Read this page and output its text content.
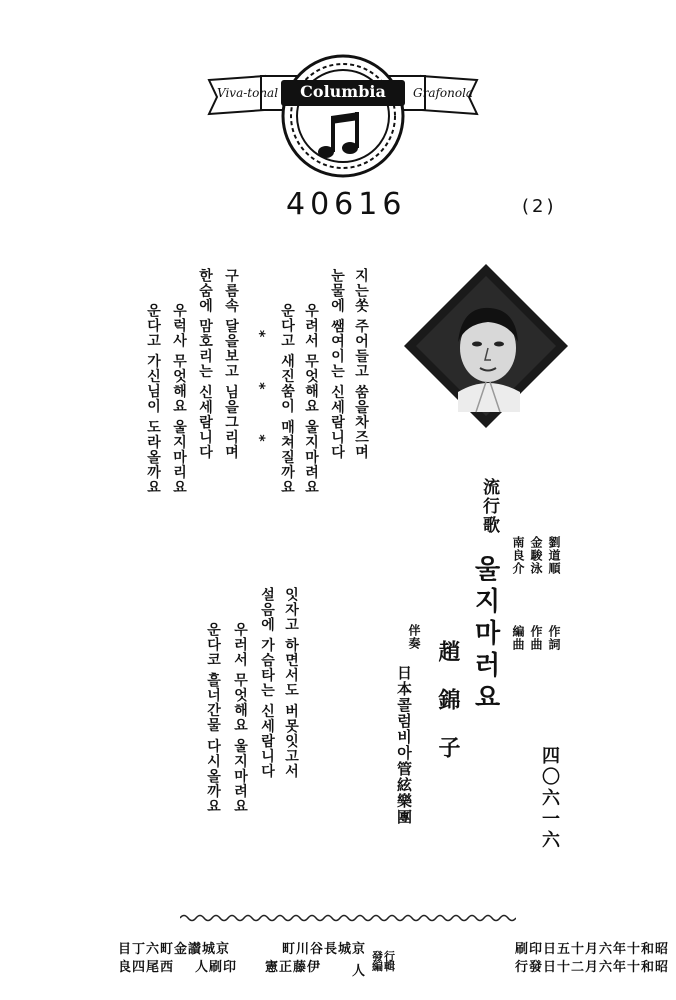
Viva-tonal	Columbia	Grafonola
40616	(2)
지는쏫 주어들고 쑴을차즈며
눈물에 쌤여이는 신세람니다
우려서 무엇해요 울지마려요
운다고 새진쑴이 매쳐질까요
* * *
구름속 달을보고 님을그리며
한숨에 맘호리는 신세람니다
우럭사 무엇해요 울지마리요
운다고 가신님이 도라올까요
잇자고 하면서도 버못잇고서
설음에 가슴타는 신세람니다
우러서 무엇해요 울지마려요
운다코 흘너간물 다시올까요
流行歌
울지마러요	劉道順
作詞
金駿泳
作曲
南良介
編曲
趙錦子
伴奏
日本콜럼비아管絃樂團	四〇六一六
昭和十年六月十五日印刷
昭和十年六月二十日發行
京城長谷川町 發行
編輯
人
伊藤正憲
京城讃金町六丁目
印刷人
西尾四良
